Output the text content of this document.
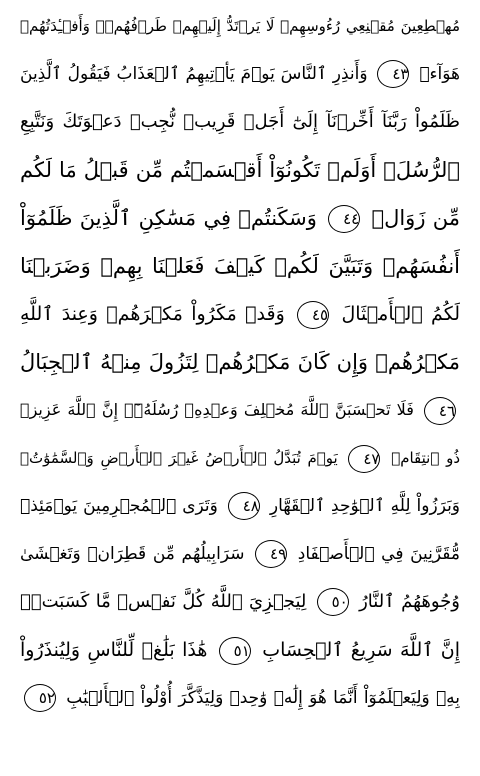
مُهۡطِعِينَ مُقۡنِعِي رُءُوسِهِمۡ لَا يَرۡتَدُّ إِلَيۡهِمۡ طَرۡفُهُمۡۖ وَأَفۡـِٔدَتُهُمۡ
هَوَآءٞ ٤٣ وَأَنذِرِ ٱلنَّاسَ يَوۡمَ يَأۡتِيهِمُ ٱلۡعَذَابُ فَيَقُولُ ٱلَّذِينَ
ظَلَمُواْ رَبَّنَآ أَخِّرۡنَآ إِلَىٰٓ أَجَلٖ قَرِيبٖ نُّجِبۡ دَعۡوَتَكَ وَنَتَّبِعِ
ٱلرُّسُلَۗ أَوَلَمۡ تَكُونُوٓاْ أَقۡسَمۡتُم مِّن قَبۡلُ مَا لَكُم
مِّن زَوَالٖ ٤٤ وَسَكَنتُمۡ فِي مَسَٰكِنِ ٱلَّذِينَ ظَلَمُوٓاْ
أَنفُسَهُمۡ وَتَبَيَّنَ لَكُمۡ كَيۡفَ فَعَلۡنَا بِهِمۡ وَضَرَبۡنَا
لَكُمُ ٱلۡأَمۡثَالَ ٤٥ وَقَدۡ مَكَرُواْ مَكۡرَهُمۡ وَعِندَ ٱللَّهِ
مَكۡرُهُمۡ وَإِن كَانَ مَكۡرُهُمۡ لِتَزُولَ مِنۡهُ ٱلۡجِبَالُ
٤٦ فَلَا تَحۡسَبَنَّ ٱللَّهَ مُخۡلِفَ وَعۡدِهِۦ رُسُلَهُۥٓۚ إِنَّ ٱللَّهَ عَزِيزٞ
ذُو ٱنتِقَامٖ ٤٧ يَوۡمَ تُبَدَّلُ ٱلۡأَرۡضُ غَيۡرَ ٱلۡأَرۡضِ وَٱلسَّمَٰوَٰتُۖ
وَبَرَزُواْ لِلَّهِ ٱلۡوَٰحِدِ ٱلۡقَهَّارِ ٤٨ وَتَرَى ٱلۡمُجۡرِمِينَ يَوۡمَئِذٖ
مُّقَرَّنِينَ فِي ٱلۡأَصۡفَادِ ٤٩ سَرَابِيلُهُم مِّن قَطِرَانٖ وَتَغۡشَىٰ
وُجُوهَهُمُ ٱلنَّارُ ٥٠ لِيَجۡزِيَ ٱللَّهُ كُلَّ نَفۡسٖ مَّا كَسَبَتۡۚ
إِنَّ ٱللَّهَ سَرِيعُ ٱلۡحِسَابِ ٥١ هَٰذَا بَلَٰغٞ لِّلنَّاسِ وَلِيُنذَرُواْ
بِهِۦ وَلِيَعۡلَمُوٓاْ أَنَّمَا هُوَ إِلَٰهٞ وَٰحِدٞ وَلِيَذَّكَّرَ أُوْلُواْ ٱلۡأَلۡبَٰبِ ٥٢
